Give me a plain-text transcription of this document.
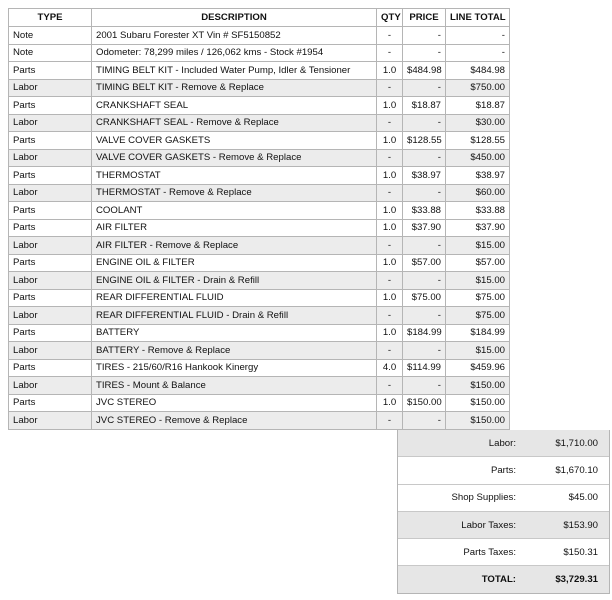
TYPE	DESCRIPTION	QTY	PRICE	LINE TOTAL
Note	2001 Subaru Forester XT Vin # SF5150852	-	-	-
Note	Odometer: 78,299 miles / 126,062 kms - Stock #1954	-	-	-
Parts	TIMING BELT KIT - Included Water Pump, Idler & Tensioner	1.0	$484.98	$484.98
Labor	TIMING BELT KIT - Remove & Replace	-	-	$750.00
Parts	CRANKSHAFT SEAL	1.0	$18.87	$18.87
Labor	CRANKSHAFT SEAL - Remove & Replace	-	-	$30.00
Parts	VALVE COVER GASKETS	1.0	$128.55	$128.55
Labor	VALVE COVER GASKETS - Remove & Replace	-	-	$450.00
Parts	THERMOSTAT	1.0	$38.97	$38.97
Labor	THERMOSTAT - Remove & Replace	-	-	$60.00
Parts	COOLANT	1.0	$33.88	$33.88
Parts	AIR FILTER	1.0	$37.90	$37.90
Labor	AIR FILTER - Remove & Replace	-	-	$15.00
Parts	ENGINE OIL & FILTER	1.0	$57.00	$57.00
Labor	ENGINE OIL & FILTER - Drain & Refill	-	-	$15.00
Parts	REAR DIFFERENTIAL FLUID	1.0	$75.00	$75.00
Labor	REAR DIFFERENTIAL FLUID - Drain & Refill	-	-	$75.00
Parts	BATTERY	1.0	$184.99	$184.99
Labor	BATTERY - Remove & Replace	-	-	$15.00
Parts	TIRES - 215/60/R16 Hankook Kinergy	4.0	$114.99	$459.96
Labor	TIRES - Mount & Balance	-	-	$150.00
Parts	JVC STEREO	1.0	$150.00	$150.00
Labor	JVC STEREO - Remove & Replace	-	-	$150.00
Labor:	$1,710.00
Parts:	$1,670.10
Shop Supplies:	$45.00
Labor Taxes:	$153.90
Parts Taxes:	$150.31
TOTAL:	$3,729.31
